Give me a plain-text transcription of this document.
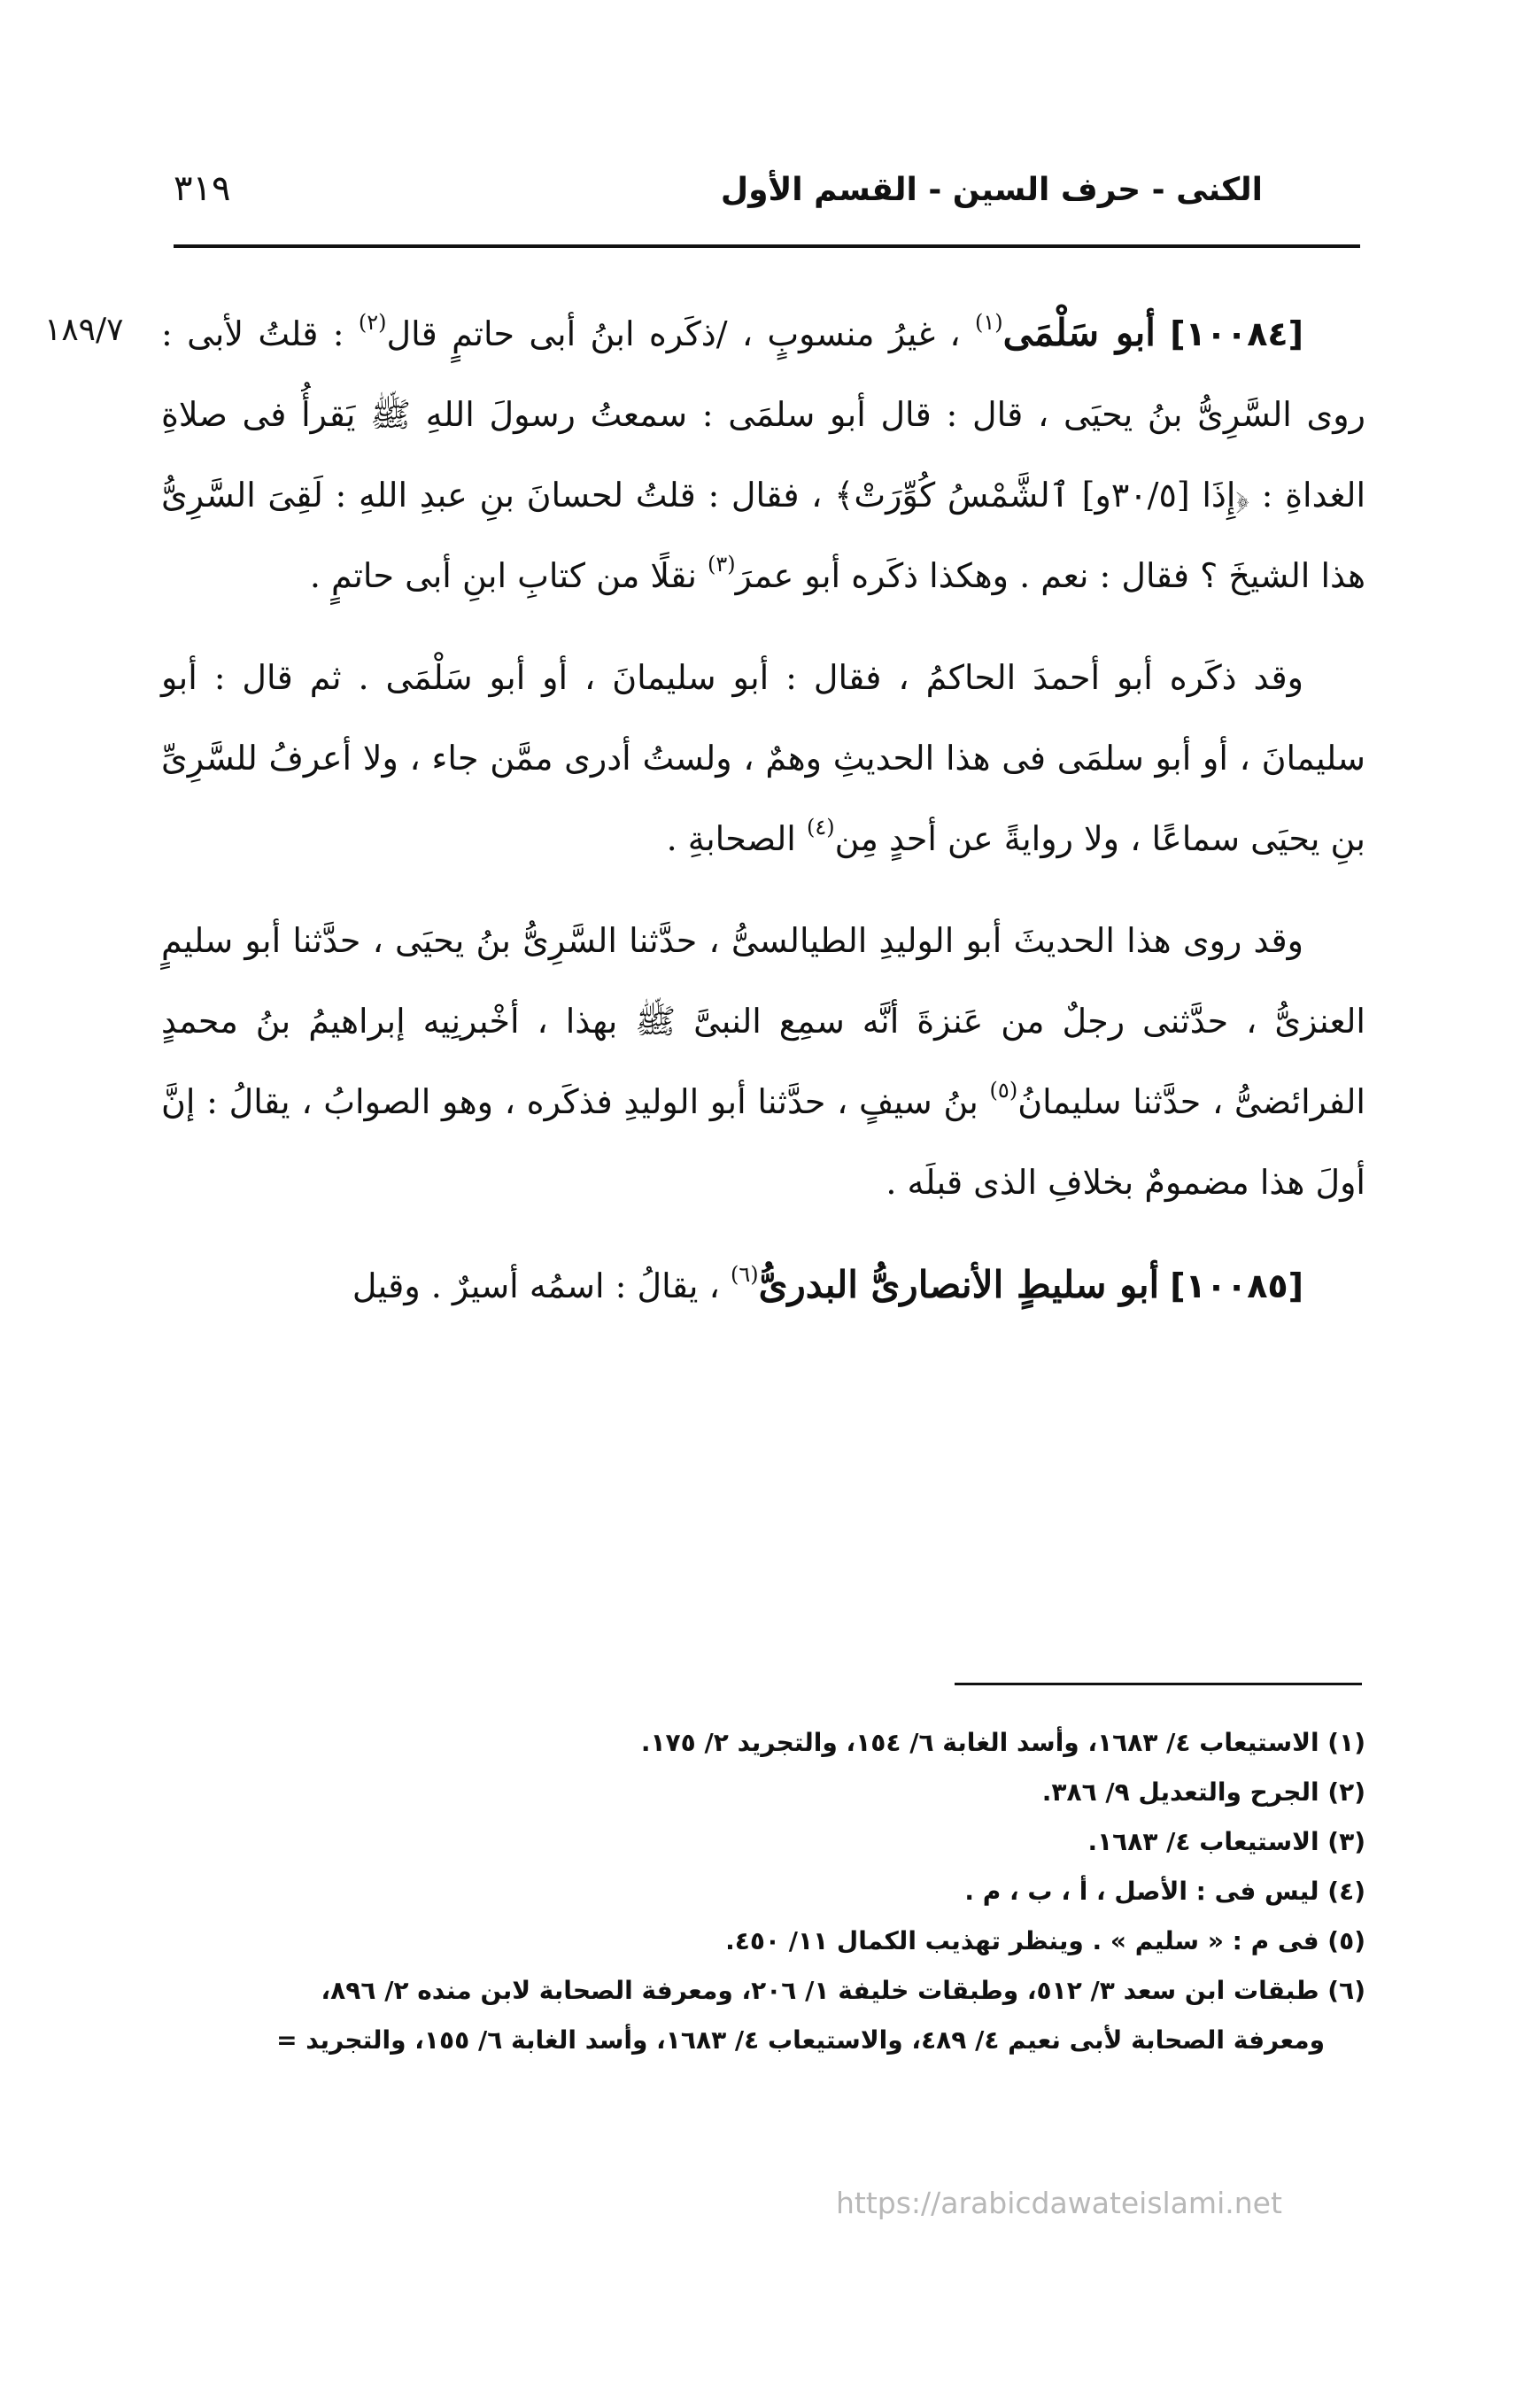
الكنى - حرف السين - القسم الأول
٣١٩
١٨٩/٧	[١٠٠٨٤] أبو سَلْمَى$^{(١)}$ ، غيرُ منسوبٍ ، /ذكَره ابنُ أبى حاتمٍ قال$^{(٢)}$ : قلتُ لأبى : روى السَّرِىُّ بنُ يحيَى ، قال : قال أبو سلمَى : سمعتُ رسولَ اللهِ ﷺ يَقرأُ فى صلاةِ الغداةِ : ﴿إِذَا [٣٠/٥و] ٱلشَّمْسُ كُوِّرَتْ﴾ ، فقال : قلتُ لحسانَ بنِ عبدِ اللهِ : لَقِىَ السَّرِىُّ هذا الشيخَ ؟ فقال : نعم . وهكذا ذكَره أبو عمرَ$^{(٣)}$ نقلًا من كتابِ ابنِ أبى حاتمٍ .

وقد ذكَره أبو أحمدَ الحاكمُ ، فقال : أبو سليمانَ ، أو أبو سَلْمَى . ثم قال : أبو سليمانَ ، أو أبو سلمَى فى هذا الحديثِ وهمٌ ، ولستُ أدرى ممَّن جاء ، ولا أعرفُ للسَّرِىِّ بنِ يحيَى سماعًا ، ولا روايةً عن أحدٍ مِن$^{(٤)}$ الصحابةِ .

وقد روى هذا الحديثَ أبو الوليدِ الطيالسىُّ ، حدَّثنا السَّرِىُّ بنُ يحيَى ، حدَّثنا أبو سليمٍ العنزىُّ ، حدَّثنى رجلٌ من عَنزةَ أنَّه سمِع النبىَّ ﷺ بهذا ، أخْبرنِيه إبراهيمُ بنُ محمدٍ الفرائضىُّ ، حدَّثنا سليمانُ$^{(٥)}$ بنُ سيفٍ ، حدَّثنا أبو الوليدِ فذكَره ، وهو الصوابُ ، يقالُ : إنَّ أولَ هذا مضمومٌ بخلافِ الذى قبلَه .

[١٠٠٨٥] أبو سليطٍ الأنصارىُّ البدرىُّ$^{(٦)}$ ، يقالُ : اسمُه أسيرٌ . وقيل

(١) الاستيعاب ٤/ ١٦٨٣، وأسد الغابة ٦/ ١٥٤، والتجريد ٢/ ١٧٥.

(٢) الجرح والتعديل ٩/ ٣٨٦.

(٣) الاستيعاب ٤/ ١٦٨٣.

(٤) ليس فى : الأصل ، أ ، ب ، م .

(٥) فى م : « سليم » . وينظر تهذيب الكمال ١١/ ٤٥٠.

(٦) طبقات ابن سعد ٣/ ٥١٢، وطبقات خليفة ١/ ٢٠٦، ومعرفة الصحابة لابن منده ٢/ ٨٩٦،

ومعرفة الصحابة لأبى نعيم ٤/ ٤٨٩، والاستيعاب ٤/ ١٦٨٣، وأسد الغابة ٦/ ١٥٥، والتجريد =

https://arabicdawateislami.net
